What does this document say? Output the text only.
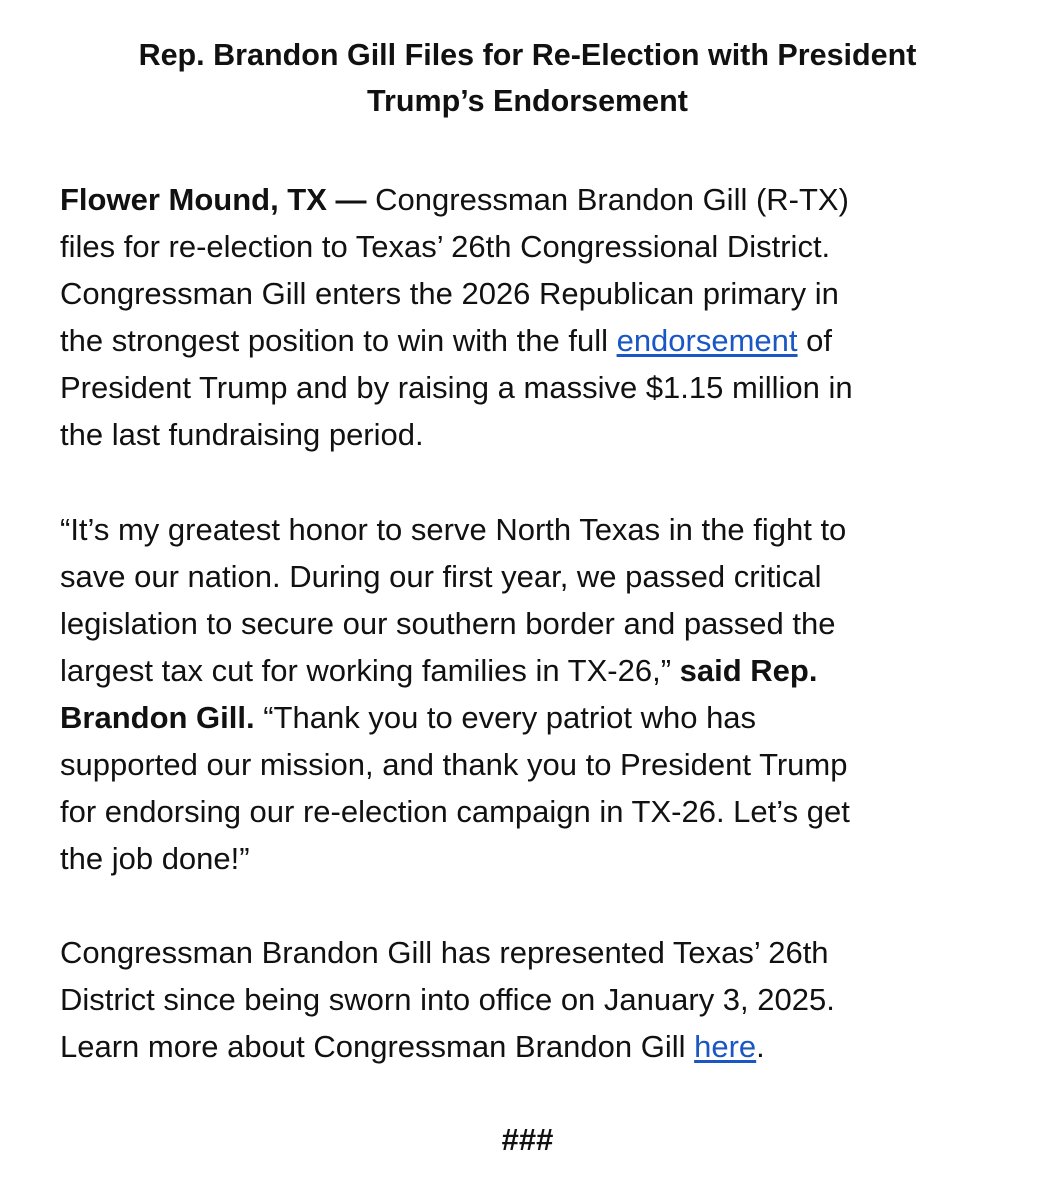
Rep. Brandon Gill Files for Re-Election with President
Trump’s Endorsement

Flower Mound, TX — Congressman Brandon Gill (R-TX)
files for re-election to Texas’ 26th Congressional District.
Congressman Gill enters the 2026 Republican primary in
the strongest position to win with the full endorsement of
President Trump and by raising a massive $1.15 million in
the last fundraising period.

“It’s my greatest honor to serve North Texas in the fight to
save our nation. During our first year, we passed critical
legislation to secure our southern border and passed the
largest tax cut for working families in TX-26,” said Rep.
Brandon Gill. “Thank you to every patriot who has
supported our mission, and thank you to President Trump
for endorsing our re-election campaign in TX-26. Let’s get
the job done!”

Congressman Brandon Gill has represented Texas’ 26th
District since being sworn into office on January 3, 2025.
Learn more about Congressman Brandon Gill here.

###
